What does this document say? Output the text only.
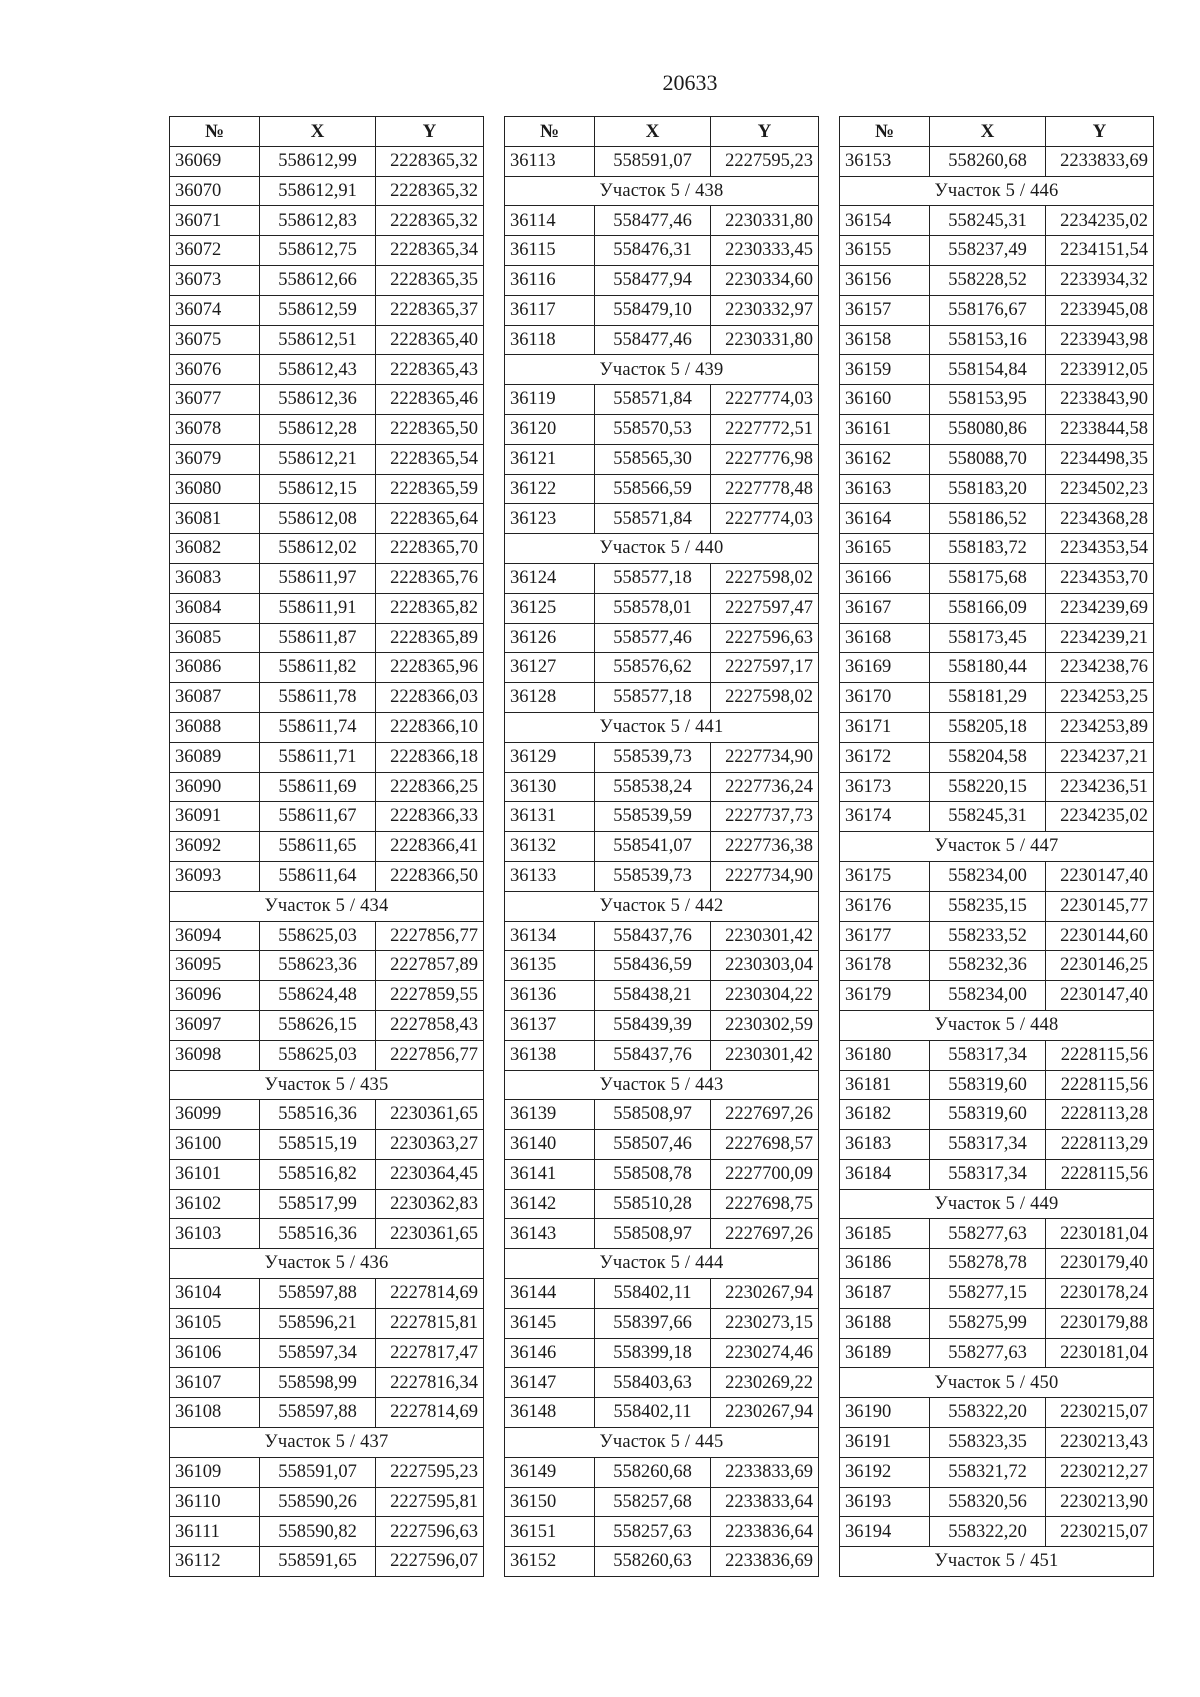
20633
№	X	Y
36069	558612,99	2228365,32
36070	558612,91	2228365,32
36071	558612,83	2228365,32
36072	558612,75	2228365,34
36073	558612,66	2228365,35
36074	558612,59	2228365,37
36075	558612,51	2228365,40
36076	558612,43	2228365,43
36077	558612,36	2228365,46
36078	558612,28	2228365,50
36079	558612,21	2228365,54
36080	558612,15	2228365,59
36081	558612,08	2228365,64
36082	558612,02	2228365,70
36083	558611,97	2228365,76
36084	558611,91	2228365,82
36085	558611,87	2228365,89
36086	558611,82	2228365,96
36087	558611,78	2228366,03
36088	558611,74	2228366,10
36089	558611,71	2228366,18
36090	558611,69	2228366,25
36091	558611,67	2228366,33
36092	558611,65	2228366,41
36093	558611,64	2228366,50
Участок 5 / 434		
36094	558625,03	2227856,77
36095	558623,36	2227857,89
36096	558624,48	2227859,55
36097	558626,15	2227858,43
36098	558625,03	2227856,77
Участок 5 / 435		
36099	558516,36	2230361,65
36100	558515,19	2230363,27
36101	558516,82	2230364,45
36102	558517,99	2230362,83
36103	558516,36	2230361,65
Участок 5 / 436		
36104	558597,88	2227814,69
36105	558596,21	2227815,81
36106	558597,34	2227817,47
36107	558598,99	2227816,34
36108	558597,88	2227814,69
Участок 5 / 437		
36109	558591,07	2227595,23
36110	558590,26	2227595,81
36111	558590,82	2227596,63
36112	558591,65	2227596,07
№	X	Y
36113	558591,07	2227595,23
Участок 5 / 438		
36114	558477,46	2230331,80
36115	558476,31	2230333,45
36116	558477,94	2230334,60
36117	558479,10	2230332,97
36118	558477,46	2230331,80
Участок 5 / 439		
36119	558571,84	2227774,03
36120	558570,53	2227772,51
36121	558565,30	2227776,98
36122	558566,59	2227778,48
36123	558571,84	2227774,03
Участок 5 / 440		
36124	558577,18	2227598,02
36125	558578,01	2227597,47
36126	558577,46	2227596,63
36127	558576,62	2227597,17
36128	558577,18	2227598,02
Участок 5 / 441		
36129	558539,73	2227734,90
36130	558538,24	2227736,24
36131	558539,59	2227737,73
36132	558541,07	2227736,38
36133	558539,73	2227734,90
Участок 5 / 442		
36134	558437,76	2230301,42
36135	558436,59	2230303,04
36136	558438,21	2230304,22
36137	558439,39	2230302,59
36138	558437,76	2230301,42
Участок 5 / 443		
36139	558508,97	2227697,26
36140	558507,46	2227698,57
36141	558508,78	2227700,09
36142	558510,28	2227698,75
36143	558508,97	2227697,26
Участок 5 / 444		
36144	558402,11	2230267,94
36145	558397,66	2230273,15
36146	558399,18	2230274,46
36147	558403,63	2230269,22
36148	558402,11	2230267,94
Участок 5 / 445		
36149	558260,68	2233833,69
36150	558257,68	2233833,64
36151	558257,63	2233836,64
36152	558260,63	2233836,69
№	X	Y
36153	558260,68	2233833,69
Участок 5 / 446		
36154	558245,31	2234235,02
36155	558237,49	2234151,54
36156	558228,52	2233934,32
36157	558176,67	2233945,08
36158	558153,16	2233943,98
36159	558154,84	2233912,05
36160	558153,95	2233843,90
36161	558080,86	2233844,58
36162	558088,70	2234498,35
36163	558183,20	2234502,23
36164	558186,52	2234368,28
36165	558183,72	2234353,54
36166	558175,68	2234353,70
36167	558166,09	2234239,69
36168	558173,45	2234239,21
36169	558180,44	2234238,76
36170	558181,29	2234253,25
36171	558205,18	2234253,89
36172	558204,58	2234237,21
36173	558220,15	2234236,51
36174	558245,31	2234235,02
Участок 5 / 447		
36175	558234,00	2230147,40
36176	558235,15	2230145,77
36177	558233,52	2230144,60
36178	558232,36	2230146,25
36179	558234,00	2230147,40
Участок 5 / 448		
36180	558317,34	2228115,56
36181	558319,60	2228115,56
36182	558319,60	2228113,28
36183	558317,34	2228113,29
36184	558317,34	2228115,56
Участок 5 / 449		
36185	558277,63	2230181,04
36186	558278,78	2230179,40
36187	558277,15	2230178,24
36188	558275,99	2230179,88
36189	558277,63	2230181,04
Участок 5 / 450		
36190	558322,20	2230215,07
36191	558323,35	2230213,43
36192	558321,72	2230212,27
36193	558320,56	2230213,90
36194	558322,20	2230215,07
Участок 5 / 451		
